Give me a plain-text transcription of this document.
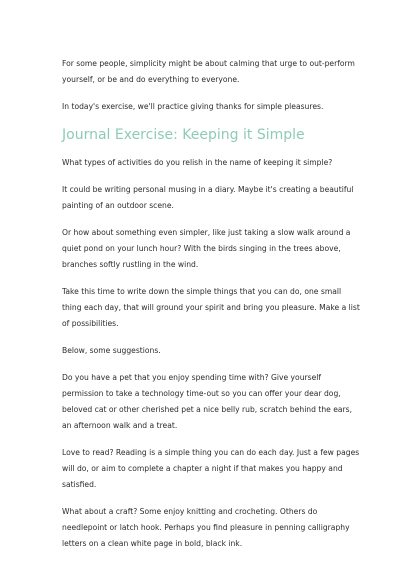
For some people, simplicity might be about calming that urge to out-perform yourself, or be and do everything to everyone.

In today's exercise, we'll practice giving thanks for simple pleasures.

Journal Exercise: Keeping it Simple

What types of activities do you relish in the name of keeping it simple?

It could be writing personal musing in a diary. Maybe it's creating a beautiful painting of an outdoor scene.

Or how about something even simpler, like just taking a slow walk around a quiet pond on your lunch hour? With the birds singing in the trees above, branches softly rustling in the wind.

Take this time to write down the simple things that you can do, one small thing each day, that will ground your spirit and bring you pleasure. Make a list of possibilities.

Below, some suggestions.

Do you have a pet that you enjoy spending time with? Give yourself permission to take a technology time-out so you can offer your dear dog, beloved cat or other cherished pet a nice belly rub, scratch behind the ears, an afternoon walk and a treat.

Love to read? Reading is a simple thing you can do each day. Just a few pages will do, or aim to complete a chapter a night if that makes you happy and satisfied.

What about a craft? Some enjoy knitting and crocheting. Others do needlepoint or latch hook. Perhaps you find pleasure in penning calligraphy letters on a clean white page in bold, black ink.
